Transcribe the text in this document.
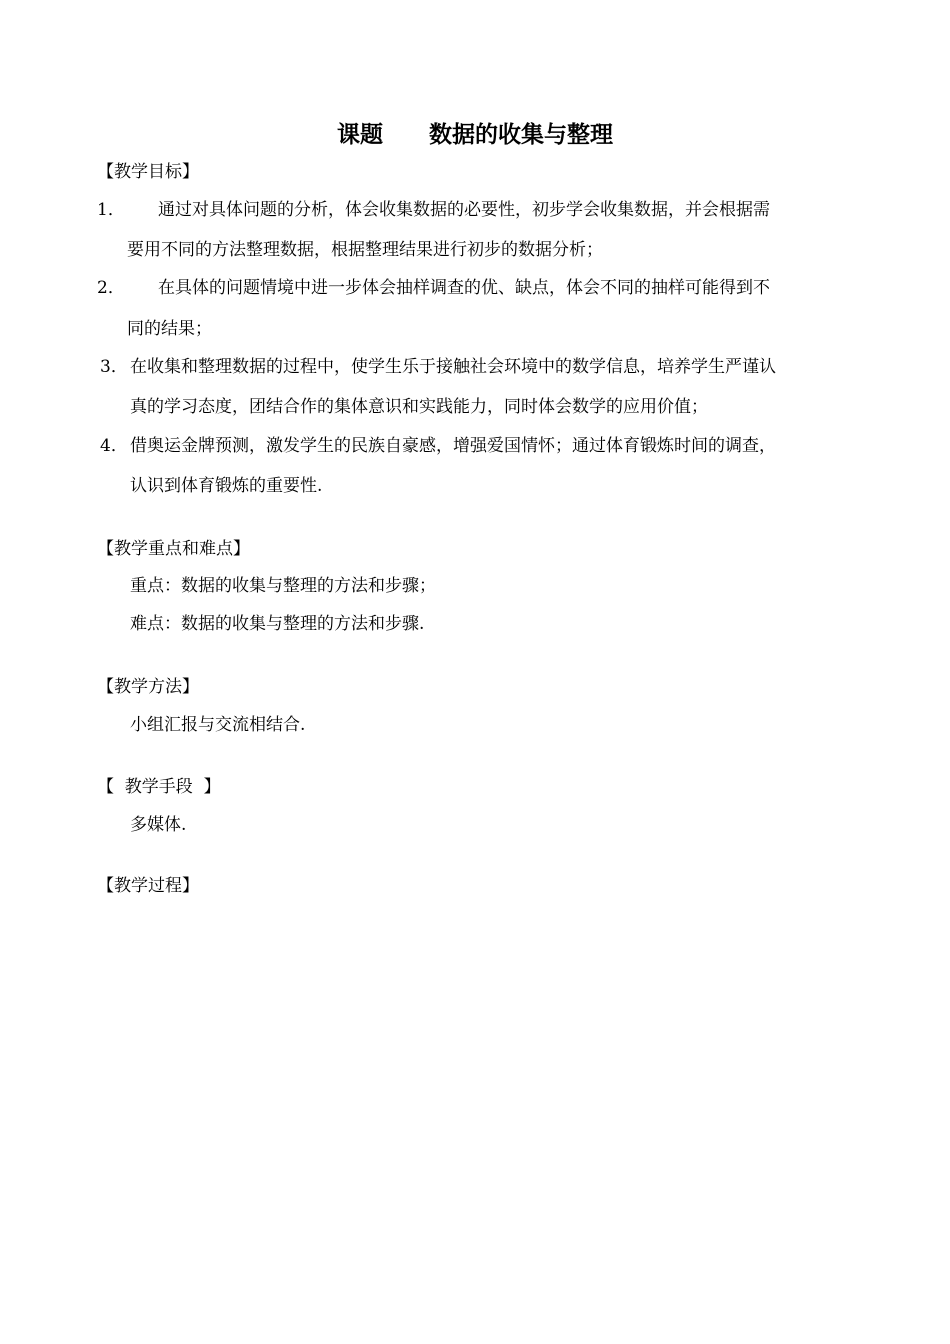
课题　　数据的收集与整理
【教学目标】
1． 通过对具体问题的分析，体会收集数据的必要性，初步学会收集数据，并会根据需
要用不同的方法整理数据，根据整理结果进行初步的数据分析；
2． 在具体的问题情境中进一步体会抽样调查的优、缺点，体会不同的抽样可能得到不
同的结果；
3． 在收集和整理数据的过程中，使学生乐于接触社会环境中的数学信息，培养学生严谨认
真的学习态度，团结合作的集体意识和实践能力，同时体会数学的应用价值；
4． 借奥运金牌预测，激发学生的民族自豪感，增强爱国情怀；通过体育锻炼时间的调查，
认识到体育锻炼的重要性.
【教学重点和难点】
重点：数据的收集与整理的方法和步骤；
难点：数据的收集与整理的方法和步骤.
【教学方法】
小组汇报与交流相结合.
【  教学手段  】
多媒体.
【教学过程】
